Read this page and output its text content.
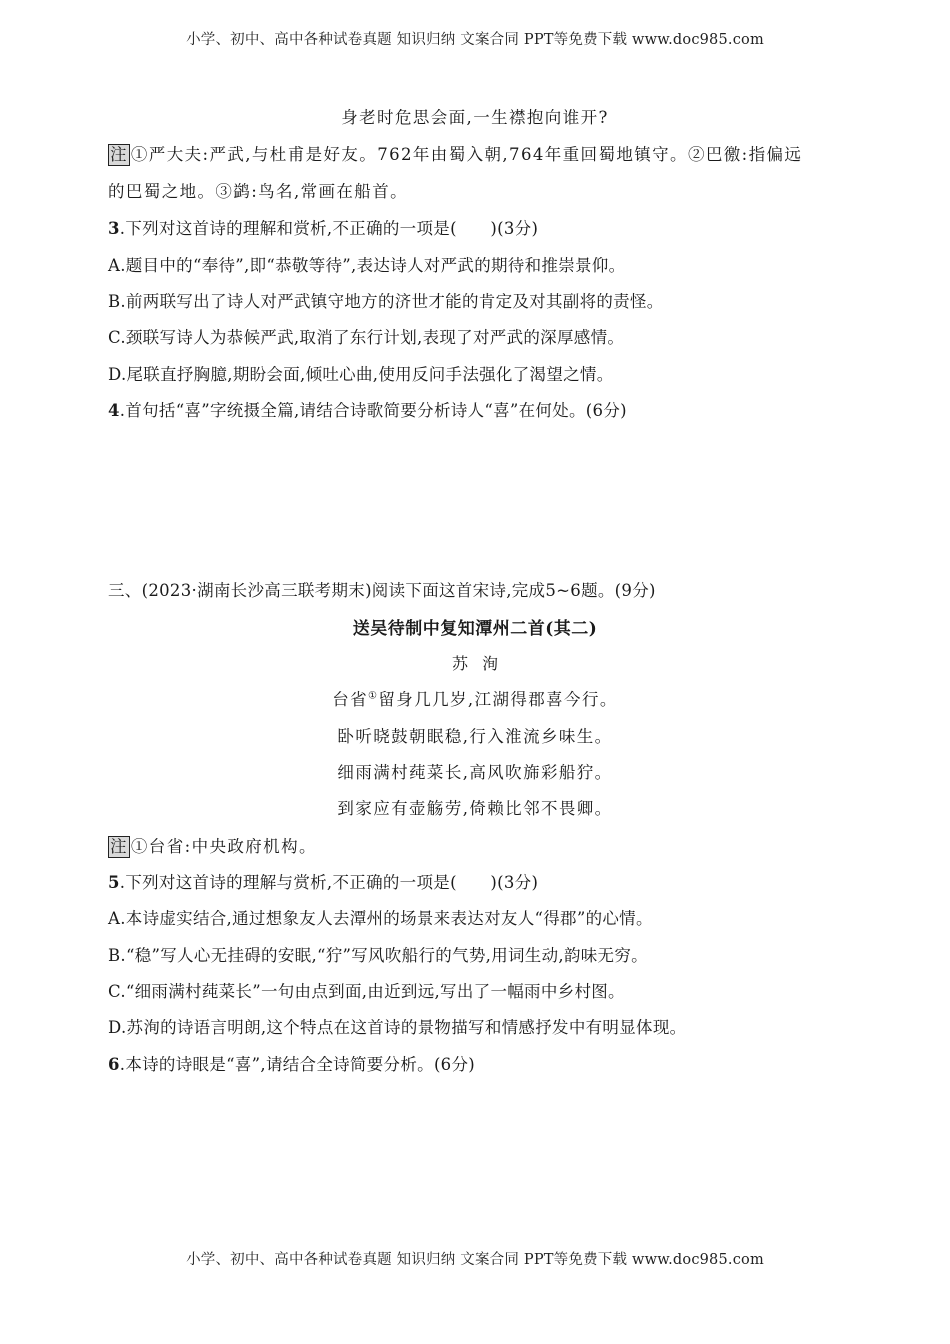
小学、初中、高中各种试卷真题 知识归纳 文案合同 PPT等免费下载 www.doc985.com
身老时危思会面,一生襟抱向谁开?
注 ①严大夫:严武,与杜甫是好友。762年由蜀入朝,764年重回蜀地镇守。②巴徼:指偏远
的巴蜀之地。③鹢:鸟名,常画在船首。
3.下列对这首诗的理解和赏析,不正确的一项是(　　)(3分)
A.题目中的“奉待”,即“恭敬等待”,表达诗人对严武的期待和推崇景仰。
B.前两联写出了诗人对严武镇守地方的济世才能的肯定及对其副将的责怪。
C.颈联写诗人为恭候严武,取消了东行计划,表现了对严武的深厚感情。
D.尾联直抒胸臆,期盼会面,倾吐心曲,使用反问手法强化了渴望之情。
4.首句括“喜”字统摄全篇,请结合诗歌简要分析诗人“喜”在何处。(6分)
三、(2023·湖南长沙高三联考期末)阅读下面这首宋诗,完成5~6题。(9分)
送吴待制中复知潭州二首(其二)
苏洵
台省①留身几几岁,江湖得郡喜今行。
卧听晓鼓朝眠稳,行入淮流乡味生。
细雨满村莼菜长,高风吹旆彩船狞。
到家应有壶觞劳,倚赖比邻不畏卿。
注 ①台省:中央政府机构。
5.下列对这首诗的理解与赏析,不正确的一项是(　　)(3分)
A.本诗虚实结合,通过想象友人去潭州的场景来表达对友人“得郡”的心情。
B.“稳”写人心无挂碍的安眠,“狞”写风吹船行的气势,用词生动,韵味无穷。
C.“细雨满村莼菜长”一句由点到面,由近到远,写出了一幅雨中乡村图。
D.苏洵的诗语言明朗,这个特点在这首诗的景物描写和情感抒发中有明显体现。
6.本诗的诗眼是“喜”,请结合全诗简要分析。(6分)
小学、初中、高中各种试卷真题 知识归纳 文案合同 PPT等免费下载 www.doc985.com
